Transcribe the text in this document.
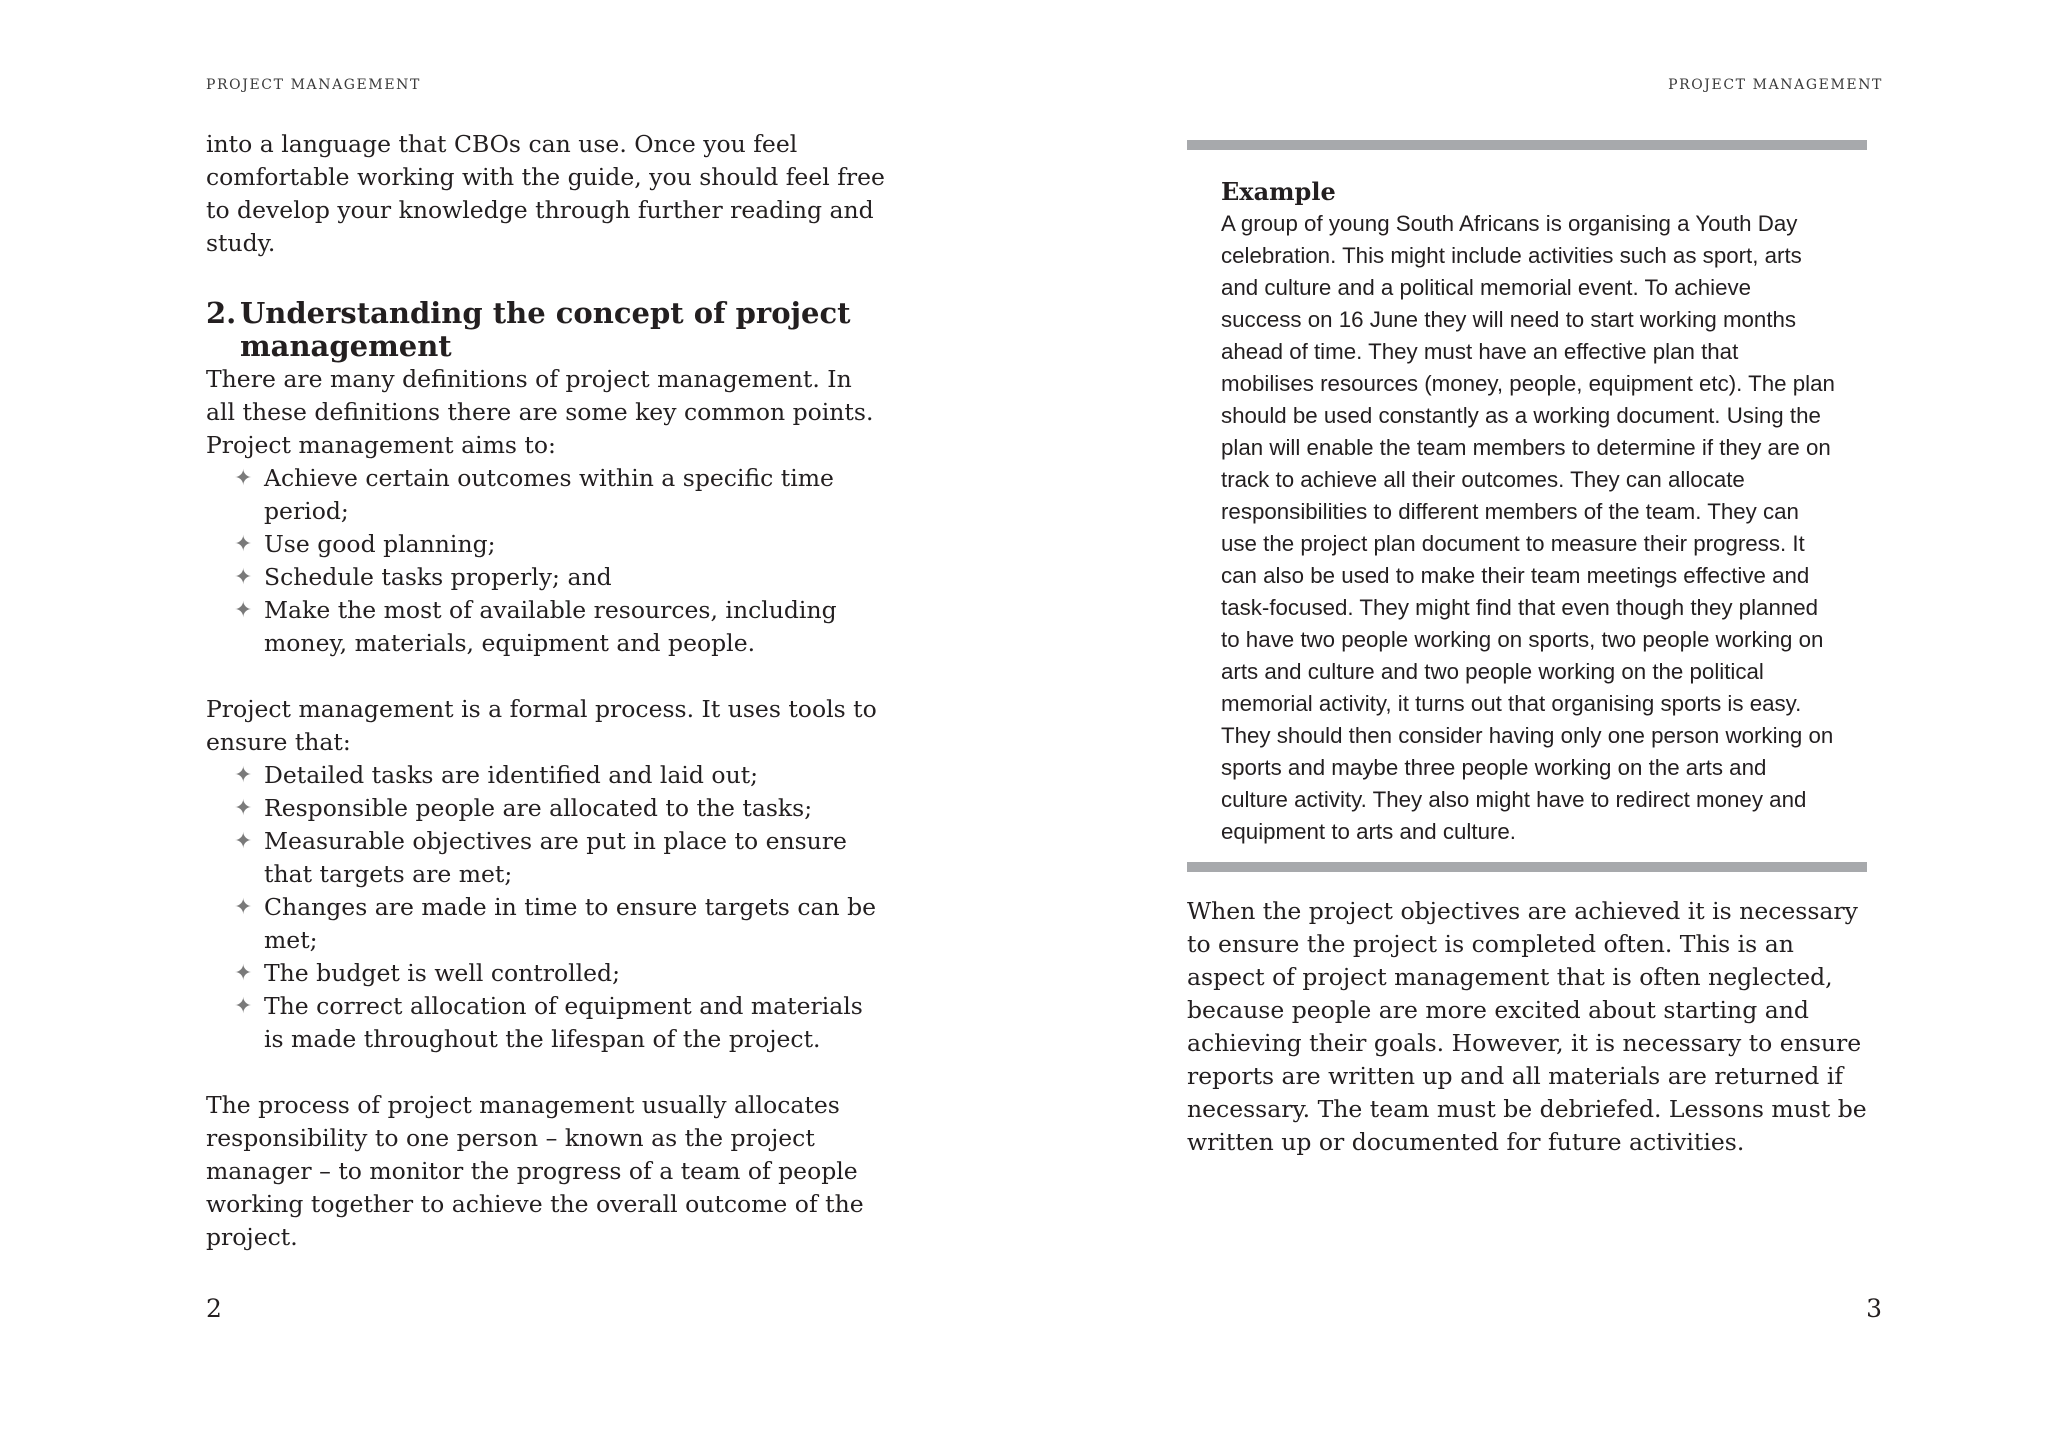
PROJECT MANAGEMENT

into a language that CBOs can use. Once you feel comfortable working with the guide, you should feel free to develop your knowledge through further reading and study.

2. Understanding the concept of project management

There are many definitions of project management. In all these definitions there are some key common points. Project management aims to:

✦ Achieve certain outcomes within a specific time period;
✦ Use good planning;
✦ Schedule tasks properly; and
✦ Make the most of available resources, including money, materials, equipment and people.

Project management is a formal process. It uses tools to ensure that:

✦ Detailed tasks are identified and laid out;
✦ Responsible people are allocated to the tasks;
✦ Measurable objectives are put in place to ensure that targets are met;
✦ Changes are made in time to ensure targets can be met;
✦ The budget is well controlled;
✦ The correct allocation of equipment and materials is made throughout the lifespan of the project.

The process of project management usually allocates responsibility to one person – known as the project manager – to monitor the progress of a team of people working together to achieve the overall outcome of the project.

2
PROJECT MANAGEMENT
3

Example

A group of young South Africans is organising a Youth Day celebration. This might include activities such as sport, arts and culture and a political memorial event. To achieve success on 16 June they will need to start working months ahead of time. They must have an effective plan that mobilises resources (money, people, equipment etc). The plan should be used constantly as a working document. Using the plan will enable the team members to determine if they are on track to achieve all their outcomes. They can allocate responsibilities to different members of the team. They can use the project plan document to measure their progress. It can also be used to make their team meetings effective and task-focused. They might find that even though they planned to have two people working on sports, two people working on arts and culture and two people working on the political memorial activity, it turns out that organising sports is easy. They should then consider having only one person working on sports and maybe three people working on the arts and culture activity. They also might have to redirect money and equipment to arts and culture.

When the project objectives are achieved it is necessary to ensure the project is completed often. This is an aspect of project management that is often neglected, because people are more excited about starting and achieving their goals. However, it is necessary to ensure reports are written up and all materials are returned if necessary. The team must be debriefed. Lessons must be written up or documented for future activities.
